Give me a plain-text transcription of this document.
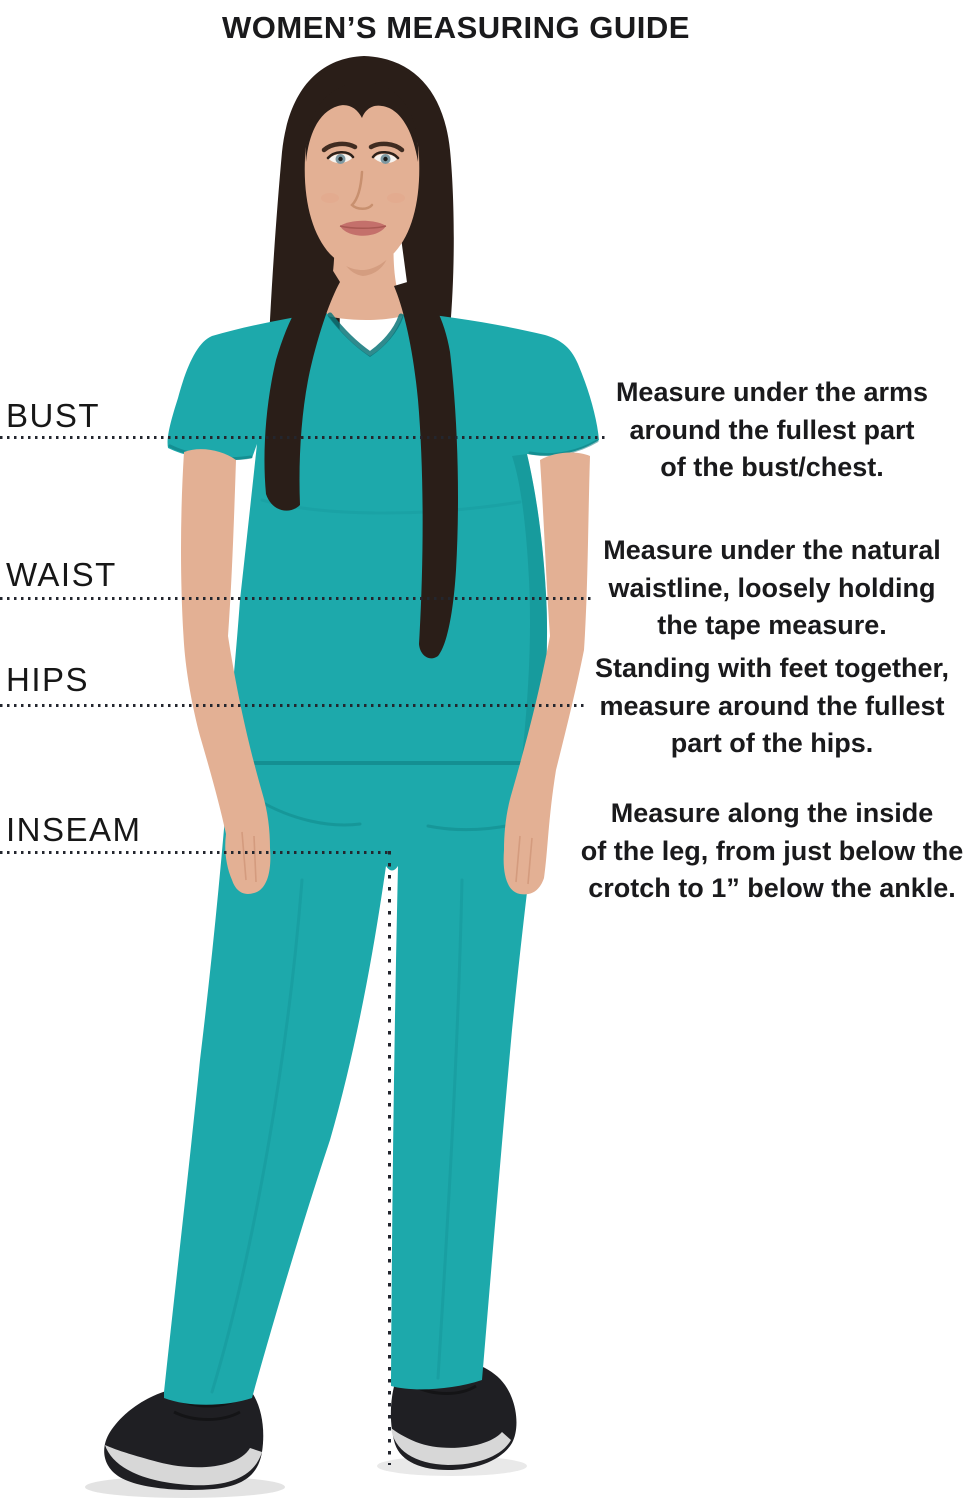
WOMEN’S MEASURING GUIDE
BUST
Measure under the arms
around the fullest part
of the bust/chest.
WAIST
Measure under the natural
waistline, loosely holding
the tape measure.
HIPS	Standing with feet together,
measure around the fullest
part of the hips.
INSEAM	Measure along the inside
of the leg, from just below the
crotch to 1” below the ankle.
